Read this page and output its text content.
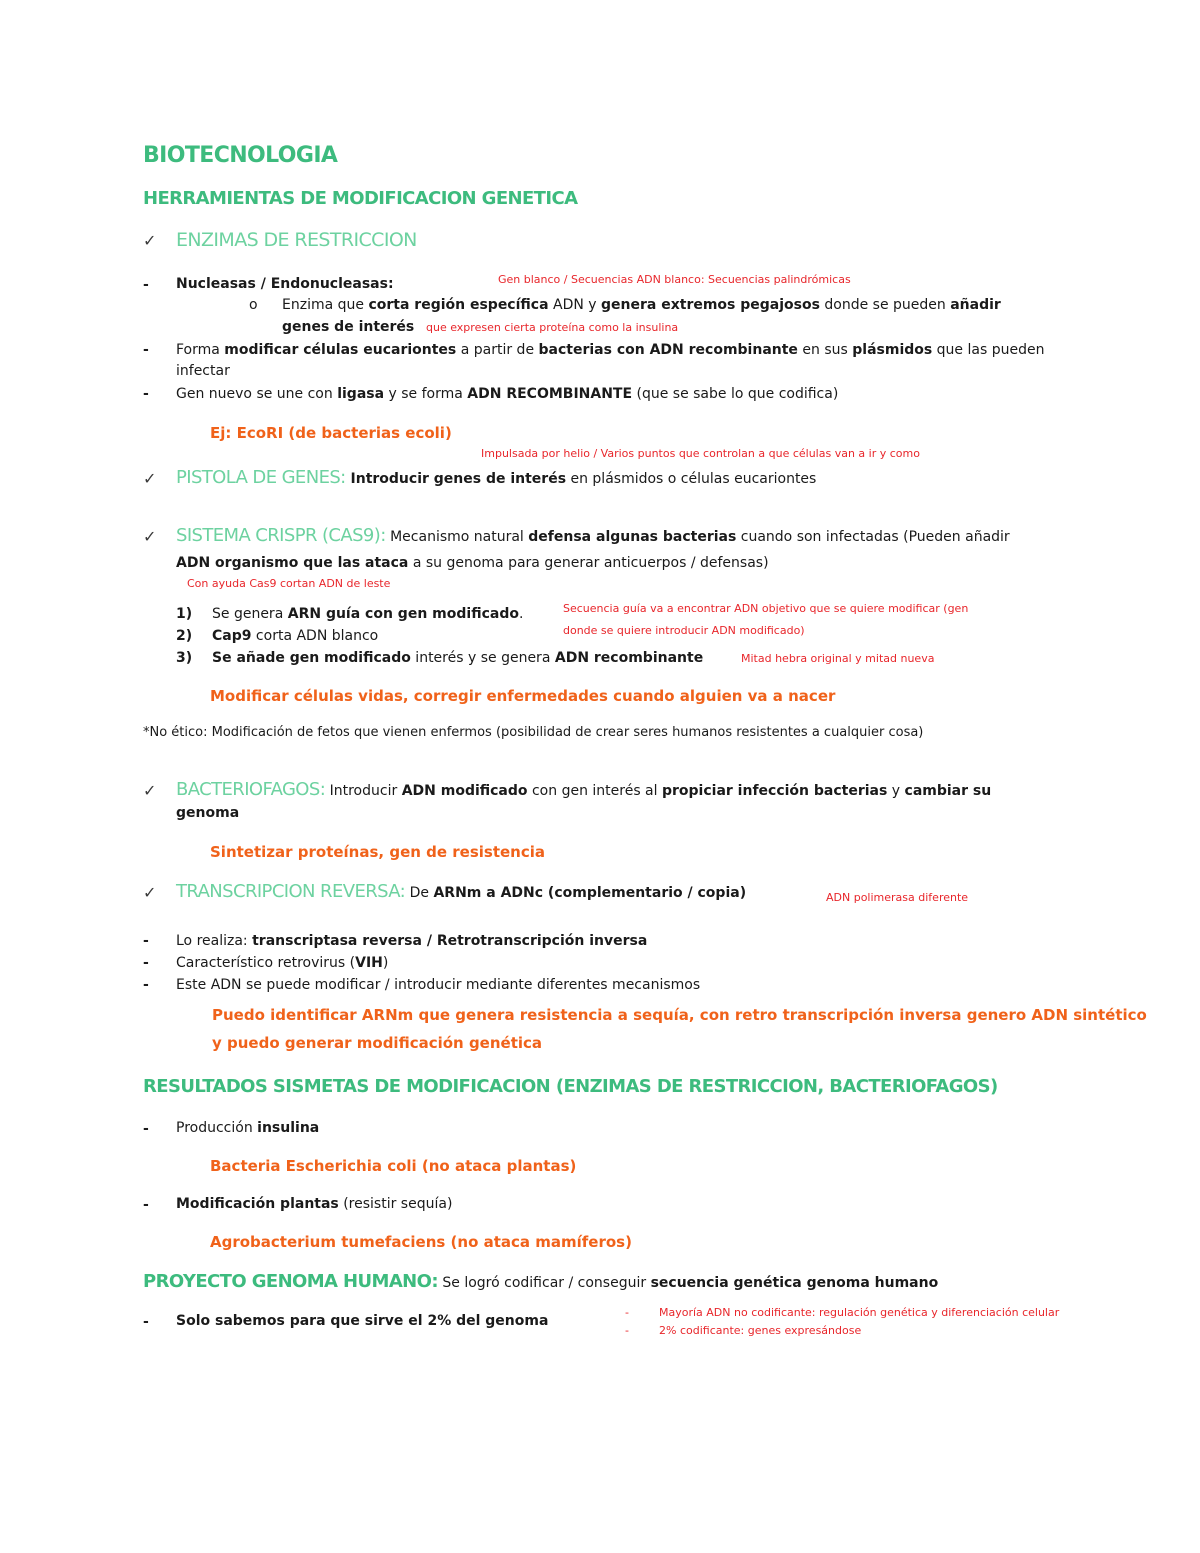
BIOTECNOLOGIA
HERRAMIENTAS DE MODIFICACION GENETICA
✓ ENZIMAS DE RESTRICCION
- Nucleasas / Endonucleasas:	Gen blanco / Secuencias ADN blanco: Secuencias palindrómicas
o Enzima que corta región específica ADN y genera extremos pegajosos donde se pueden añadir
genes de interés que expresen cierta proteína como la insulina
- Forma modificar células eucariontes a partir de bacterias con ADN recombinante en sus plásmidos que las pueden
infectar
- Gen nuevo se une con ligasa y se forma ADN RECOMBINANTE (que se sabe lo que codifica)
Ej: EcoRI (de bacterias ecoli)
Impulsada por helio / Varios puntos que controlan a que células van a ir y como
✓ PISTOLA DE GENES: Introducir genes de interés en plásmidos o células eucariontes
✓ SISTEMA CRISPR (CAS9): Mecanismo natural defensa algunas bacterias cuando son infectadas (Pueden añadir
ADN organismo que las ataca a su genoma para generar anticuerpos / defensas)
Con ayuda Cas9 cortan ADN de leste
1) Se genera ARN guía con gen modificado.	Secuencia guía va a encontrar ADN objetivo que se quiere modificar (gen
2) Cap9 corta ADN blanco	donde se quiere introducir ADN modificado)
3) Se añade gen modificado interés y se genera ADN recombinante	Mitad hebra original y mitad nueva
Modificar células vidas, corregir enfermedades cuando alguien va a nacer
*No ético: Modificación de fetos que vienen enfermos (posibilidad de crear seres humanos resistentes a cualquier cosa)
✓ BACTERIOFAGOS: Introducir ADN modificado con gen interés al propiciar infección bacterias y cambiar su
genoma
Sintetizar proteínas, gen de resistencia
✓ TRANSCRIPCION REVERSA: De ARNm a ADNc (complementario / copia)	ADN polimerasa diferente
- Lo realiza: transcriptasa reversa / Retrotranscripción inversa
- Característico retrovirus (VIH)
- Este ADN se puede modificar / introducir mediante diferentes mecanismos
Puedo identificar ARNm que genera resistencia a sequía, con retro transcripción inversa genero ADN sintético
y puedo generar modificación genética
RESULTADOS SISMETAS DE MODIFICACION (ENZIMAS DE RESTRICCION, BACTERIOFAGOS)
- Producción insulina
Bacteria Escherichia coli (no ataca plantas)
- Modificación plantas (resistir sequía)
Agrobacterium tumefaciens (no ataca mamíferos)
PROYECTO GENOMA HUMANO: Se logró codificar / conseguir secuencia genética genoma humano
- Solo sabemos para que sirve el 2% del genoma
-	Mayoría ADN no codificante: regulación genética y diferenciación celular
-	2% codificante: genes expresándose
